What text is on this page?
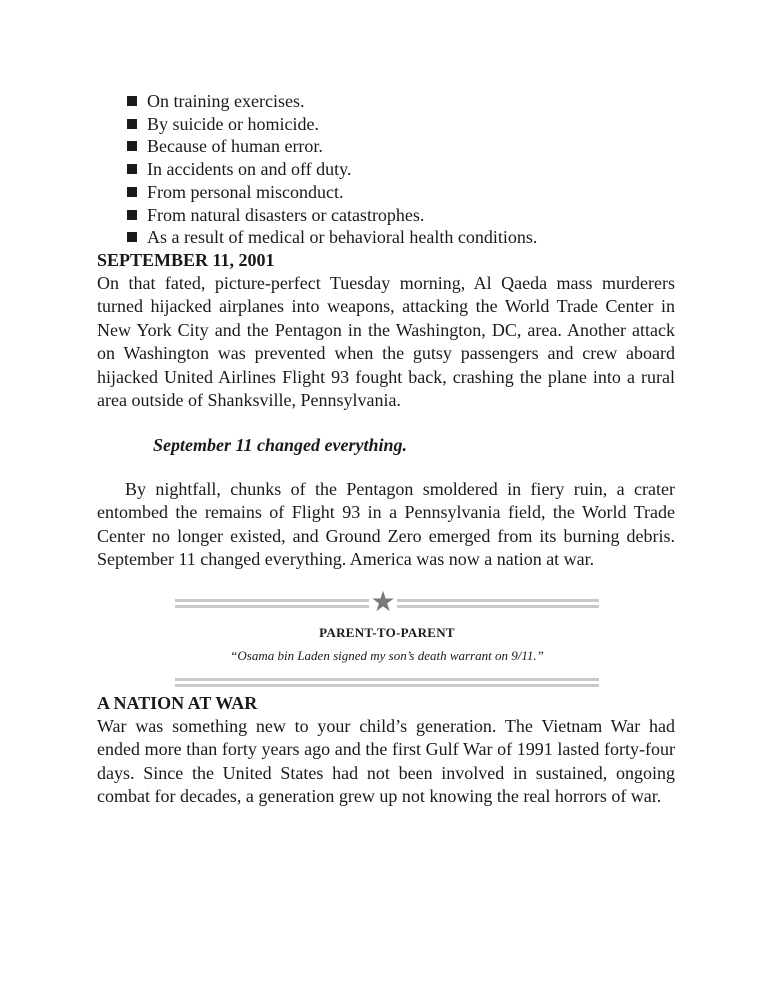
On training exercises.
By suicide or homicide.
Because of human error.
In accidents on and off duty.
From personal misconduct.
From natural disasters or catastrophes.
As a result of medical or behavioral health conditions.
SEPTEMBER 11, 2001

On that fated, picture-perfect Tuesday morning, Al Qaeda mass murderers turned hijacked airplanes into weapons, attacking the World Trade Center in New York City and the Pentagon in the Washington, DC, area. Another attack on Washington was prevented when the gutsy passengers and crew aboard hijacked United Airlines Flight 93 fought back, crashing the plane into a rural area outside of Shanksville, Pennsylvania.

September 11 changed everything.

By nightfall, chunks of the Pentagon smoldered in fiery ruin, a crater entombed the remains of Flight 93 in a Pennsylvania field, the World Trade Center no longer existed, and Ground Zero emerged from its burning debris. September 11 changed everything. America was now a nation at war.

★
PARENT-TO-PARENT
“Osama bin Laden signed my son’s death warrant on 9/11.”
A NATION AT WAR

War was something new to your child’s generation. The Vietnam War had ended more than forty years ago and the first Gulf War of 1991 lasted forty-four days. Since the United States had not been involved in sustained, ongoing combat for decades, a generation grew up not knowing the real horrors of war.
